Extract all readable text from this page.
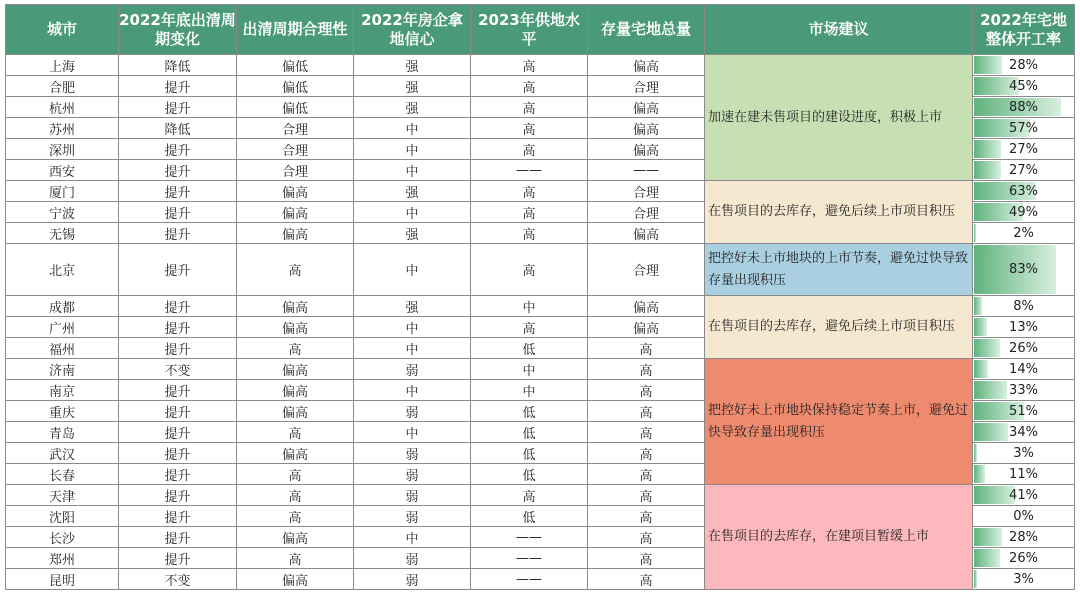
城市	2022年底出清周期变化	出清周期合理性	2022年房企拿地信心	2023年供地水平	存量宅地总量	市场建议	2022年宅地整体开工率
上海	降低	偏低	强	高	偏高	加速在建未售项目的建设进度，积极上市	28%
合肥	提升	偏低	强	高	合理		45%
杭州	提升	偏低	强	高	偏高		88%
苏州	降低	合理	中	高	偏高		57%
深圳	提升	合理	中	高	偏高		27%
西安	提升	合理	中	——	——		27%
厦门	提升	偏高	强	高	合理	在售项目的去库存，避免后续上市项目积压	63%
宁波	提升	偏高	中	高	合理		49%
无锡	提升	偏高	强	高	偏高		2%
北京	提升	高	中	高	合理	把控好未上市地块的上市节奏，避免过快导致存量出现积压	83%
成都	提升	偏高	强	中	偏高	在售项目的去库存，避免后续上市项目积压	8%
广州	提升	偏高	中	高	偏高		13%
福州	提升	高	中	低	高		26%
济南	不变	偏高	弱	中	高	把控好未上市地块保持稳定节奏上市，避免过快导致存量出现积压	14%
南京	提升	偏高	中	中	高		33%
重庆	提升	偏高	弱	低	高		51%
青岛	提升	高	中	低	高		34%
武汉	提升	偏高	弱	低	高		3%
长春	提升	高	弱	低	高		11%
天津	提升	高	弱	高	高	在售项目的去库存，在建项目暂缓上市	41%
沈阳	提升	高	弱	低	高		0%
长沙	提升	偏高	中	——	高		28%
郑州	提升	高	弱	——	高		26%
昆明	不变	偏高	弱	——	高		3%
